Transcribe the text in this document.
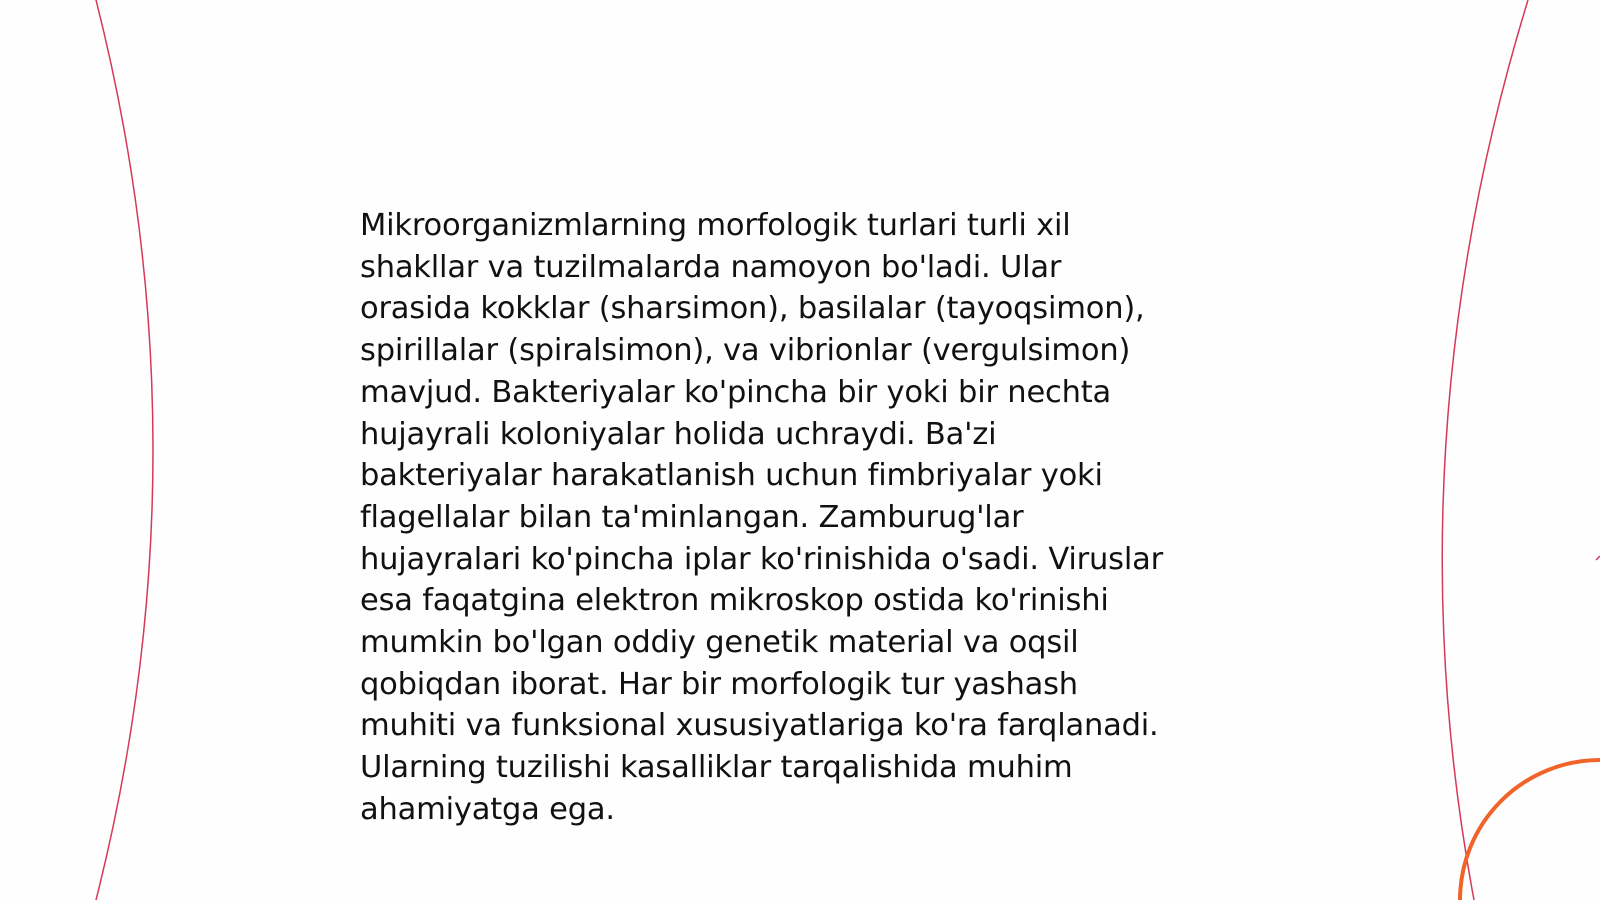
Mikroorganizmlarning morfologik turlari turli xil
shakllar va tuzilmalarda namoyon bo'ladi. Ular
orasida kokklar (sharsimon), basilalar (tayoqsimon),
spirillalar (spiralsimon), va vibrionlar (vergulsimon)
mavjud. Bakteriyalar ko'pincha bir yoki bir nechta
hujayrali koloniyalar holida uchraydi. Ba'zi
bakteriyalar harakatlanish uchun fimbriyalar yoki
flagellalar bilan ta'minlangan. Zamburug'lar
hujayralari ko'pincha iplar ko'rinishida o'sadi. Viruslar
esa faqatgina elektron mikroskop ostida ko'rinishi
mumkin bo'lgan oddiy genetik material va oqsil
qobiqdan iborat. Har bir morfologik tur yashash
muhiti va funksional xususiyatlariga ko'ra farqlanadi.
Ularning tuzilishi kasalliklar tarqalishida muhim
ahamiyatga ega.
